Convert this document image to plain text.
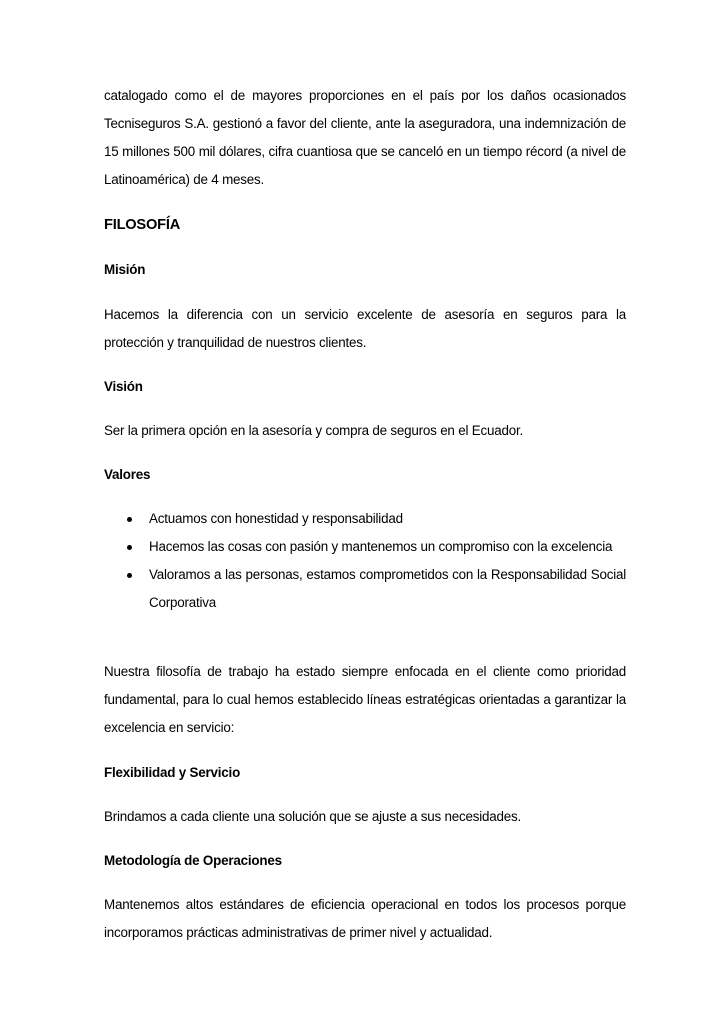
catalogado como el de mayores proporciones en el país por los daños ocasionados Tecniseguros S.A. gestionó a favor del cliente, ante la aseguradora, una indemnización de 15 millones 500 mil dólares, cifra cuantiosa que se canceló en un tiempo récord (a nivel de Latinoamérica) de 4 meses.

FILOSOFÍA

Misión

Hacemos la diferencia con un servicio excelente de asesoría en seguros para la protección y tranquilidad de nuestros clientes.

Visión

Ser la primera opción en la asesoría y compra de seguros en el Ecuador.

Valores

Actuamos con honestidad y responsabilidad
Hacemos las cosas con pasión y mantenemos un compromiso con la excelencia
Valoramos a las personas, estamos comprometidos con la Responsabilidad Social Corporativa

Nuestra filosofía de trabajo ha estado siempre enfocada en el cliente como prioridad fundamental, para lo cual hemos establecido líneas estratégicas orientadas a garantizar la excelencia en servicio:

Flexibilidad y Servicio

Brindamos a cada cliente una solución que se ajuste a sus necesidades.

Metodología de Operaciones

Mantenemos altos estándares de eficiencia operacional en todos los procesos porque incorporamos prácticas administrativas de primer nivel y actualidad.
